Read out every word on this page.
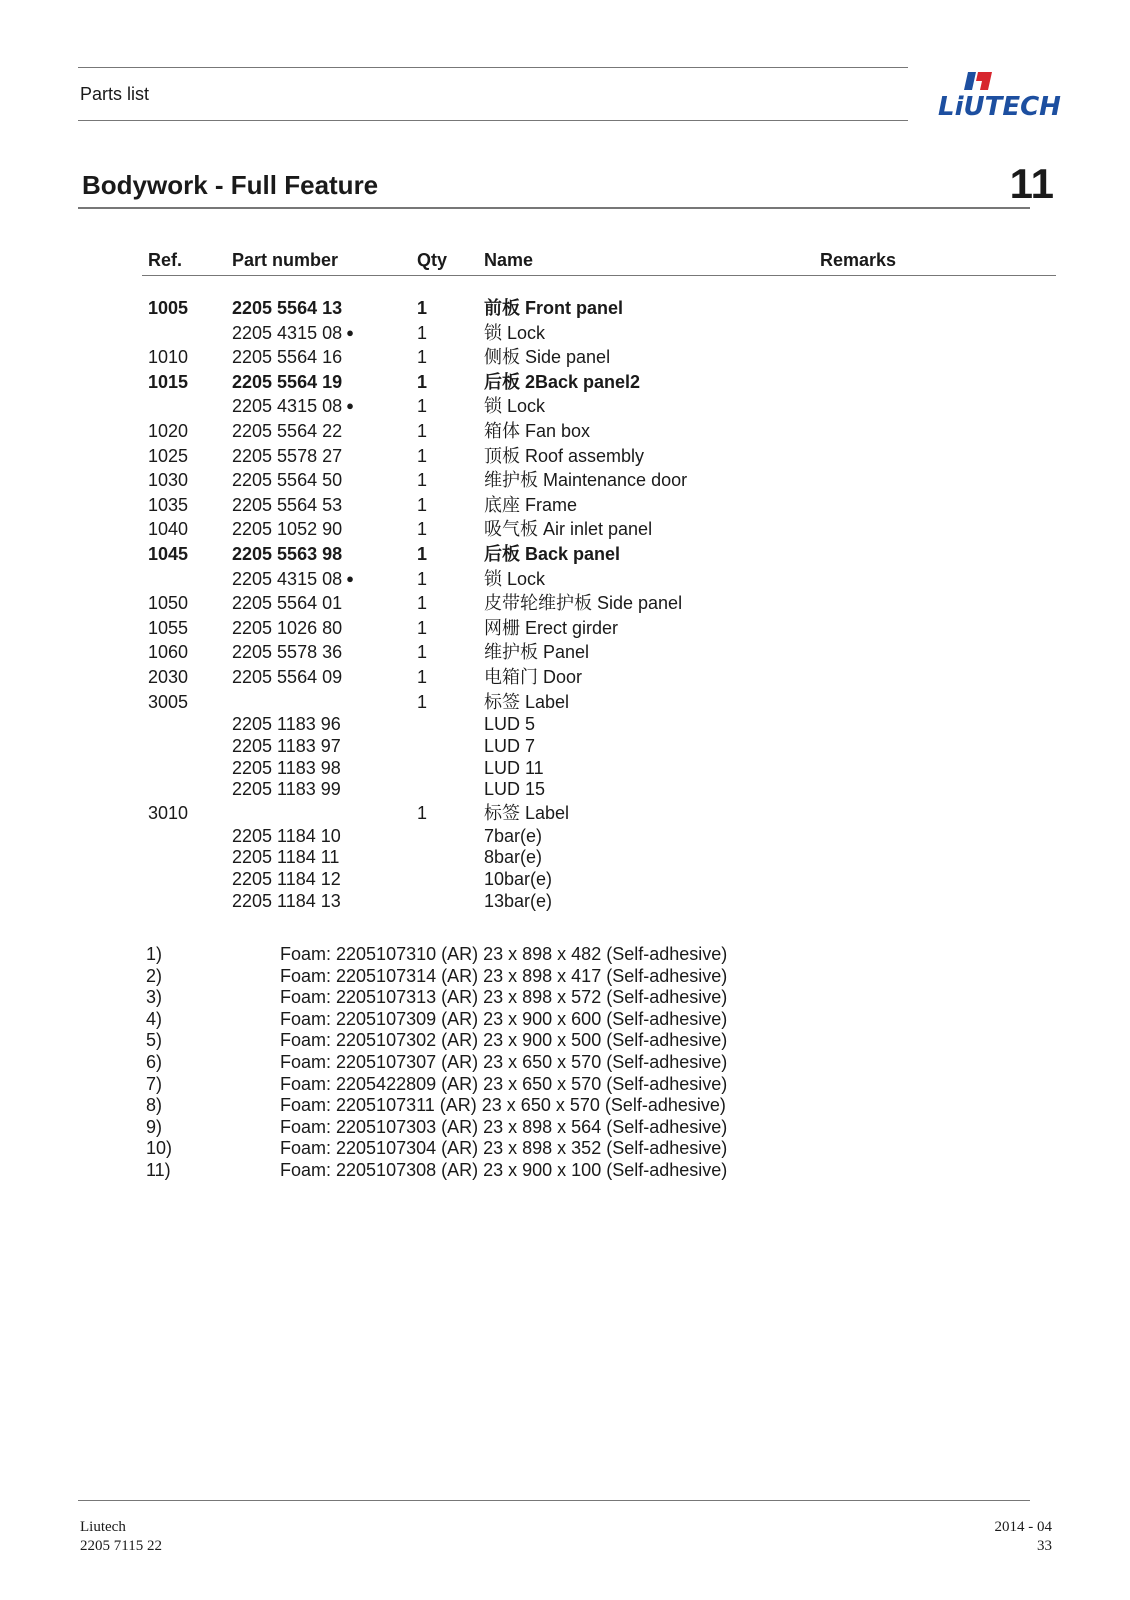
Parts list	LiUTECH
Bodywork - Full Feature	11
Ref.	Part number	Qty	Name	Remarks

1005	2205 5564 13	1	前板 Front panel	
	2205 4315 08 ●	1	锁 Lock	
1010	2205 5564 16	1	侧板 Side panel	
1015	2205 5564 19	1	后板 2Back panel2	
	2205 4315 08 ●	1	锁 Lock	
1020	2205 5564 22	1	箱体 Fan box	
1025	2205 5578 27	1	顶板 Roof assembly	
1030	2205 5564 50	1	维护板 Maintenance door	
1035	2205 5564 53	1	底座 Frame	
1040	2205 1052 90	1	吸气板 Air inlet panel	
1045	2205 5563 98	1	后板 Back panel	
	2205 4315 08 ●	1	锁 Lock	
1050	2205 5564 01	1	皮带轮维护板 Side panel	
1055	2205 1026 80	1	网栅 Erect girder	
1060	2205 5578 36	1	维护板 Panel	
2030	2205 5564 09	1	电箱门 Door	
3005		1	标签 Label	
	2205 1183 96		LUD 5	
	2205 1183 97		LUD 7	
	2205 1183 98		LUD 11	
	2205 1183 99		LUD 15	
3010		1	标签 Label	
	2205 1184 10		7bar(e)	
	2205 1184 11		8bar(e)	
	2205 1184 12		10bar(e)	
	2205 1184 13		13bar(e)	
1)	Foam: 2205107310 (AR) 23 x 898 x 482 (Self-adhesive)
2)	Foam: 2205107314 (AR) 23 x 898 x 417 (Self-adhesive)
3)	Foam: 2205107313 (AR) 23 x 898 x 572 (Self-adhesive)
4)	Foam: 2205107309 (AR) 23 x 900 x 600 (Self-adhesive)
5)	Foam: 2205107302 (AR) 23 x 900 x 500 (Self-adhesive)
6)	Foam: 2205107307 (AR) 23 x 650 x 570 (Self-adhesive)
7)	Foam: 2205422809 (AR) 23 x 650 x 570 (Self-adhesive)
8)	Foam: 2205107311 (AR) 23 x 650 x 570 (Self-adhesive)
9)	Foam: 2205107303 (AR) 23 x 898 x 564 (Self-adhesive)
10)	Foam: 2205107304 (AR) 23 x 898 x 352 (Self-adhesive)
11)	Foam: 2205107308 (AR) 23 x 900 x 100 (Self-adhesive)
Liutech
2205 7115 22
2014 - 04
33
